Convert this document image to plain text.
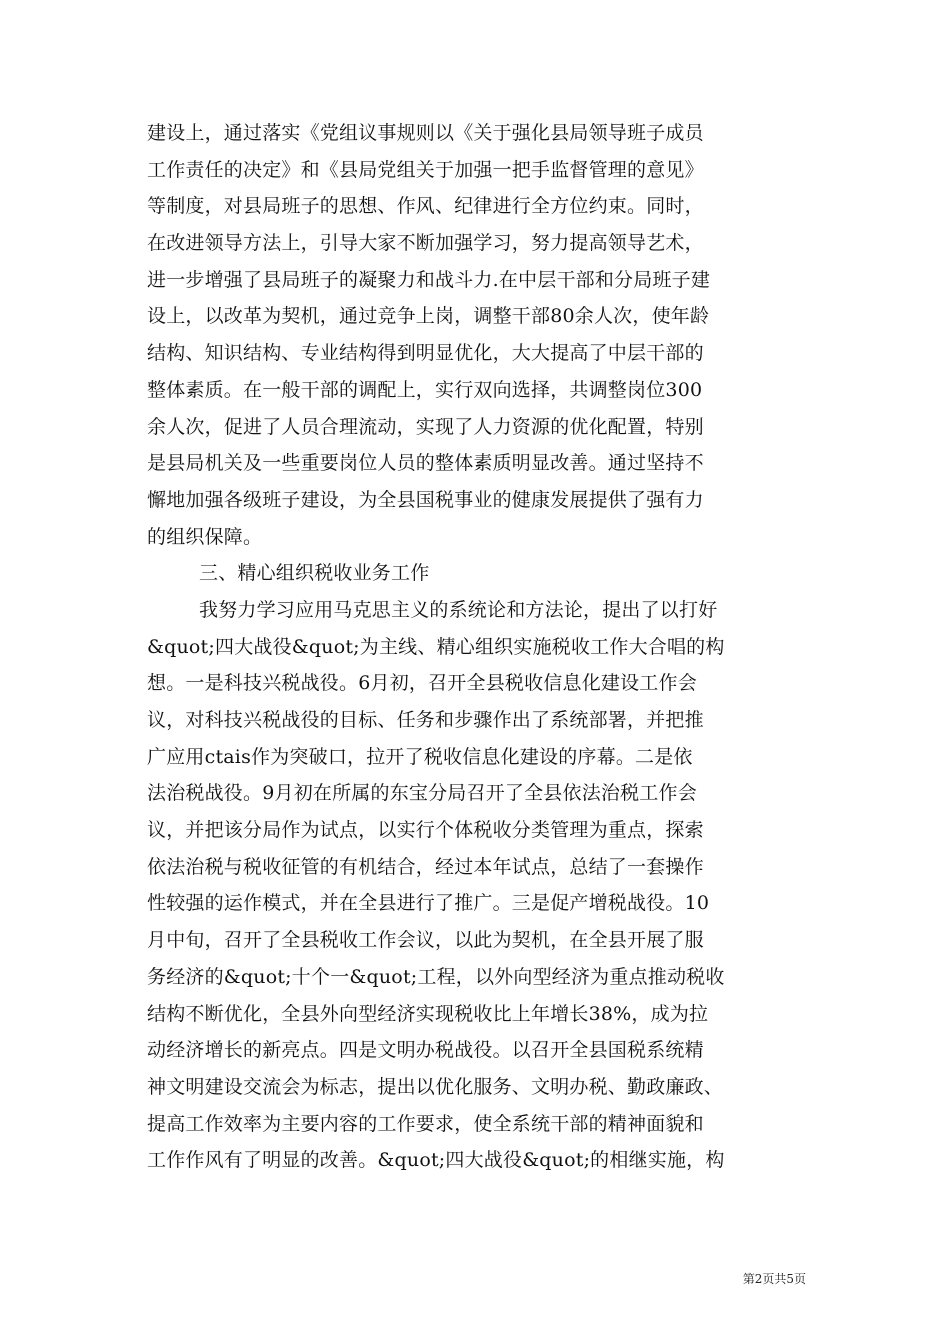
建设上，通过落实《党组议事规则以《关于强化县局领导班子成员
工作责任的决定》和《县局党组关于加强一把手监督管理的意见》
等制度，对县局班子的思想、作风、纪律进行全方位约束。同时，
在改进领导方法上，引导大家不断加强学习，努力提高领导艺术，
进一步增强了县局班子的凝聚力和战斗力.在中层干部和分局班子建
设上，以改革为契机，通过竞争上岗，调整干部80余人次，使年龄
结构、知识结构、专业结构得到明显优化，大大提高了中层干部的
整体素质。在一般干部的调配上，实行双向选择，共调整岗位300
余人次，促进了人员合理流动，实现了人力资源的优化配置，特别
是县局机关及一些重要岗位人员的整体素质明显改善。通过坚持不
懈地加强各级班子建设，为全县国税事业的健康发展提供了强有力
的组织保障。
三、精心组织税收业务工作
我努力学习应用马克思主义的系统论和方法论，提出了以打好
&quot;四大战役&quot;为主线、精心组织实施税收工作大合唱的构
想。一是科技兴税战役。6月初，召开全县税收信息化建设工作会
议，对科技兴税战役的目标、任务和步骤作出了系统部署，并把推
广应用ctais作为突破口，拉开了税收信息化建设的序幕。二是依
法治税战役。9月初在所属的东宝分局召开了全县依法治税工作会
议，并把该分局作为试点，以实行个体税收分类管理为重点，探索
依法治税与税收征管的有机结合，经过本年试点，总结了一套操作
性较强的运作模式，并在全县进行了推广。三是促产增税战役。10
月中旬，召开了全县税收工作会议，以此为契机，在全县开展了服
务经济的&quot;十个一&quot;工程，以外向型经济为重点推动税收
结构不断优化，全县外向型经济实现税收比上年增长38%，成为拉
动经济增长的新亮点。四是文明办税战役。以召开全县国税系统精
神文明建设交流会为标志，提出以优化服务、文明办税、勤政廉政、
提高工作效率为主要内容的工作要求，使全系统干部的精神面貌和
工作作风有了明显的改善。&quot;四大战役&quot;的相继实施，构
第2页共5页
